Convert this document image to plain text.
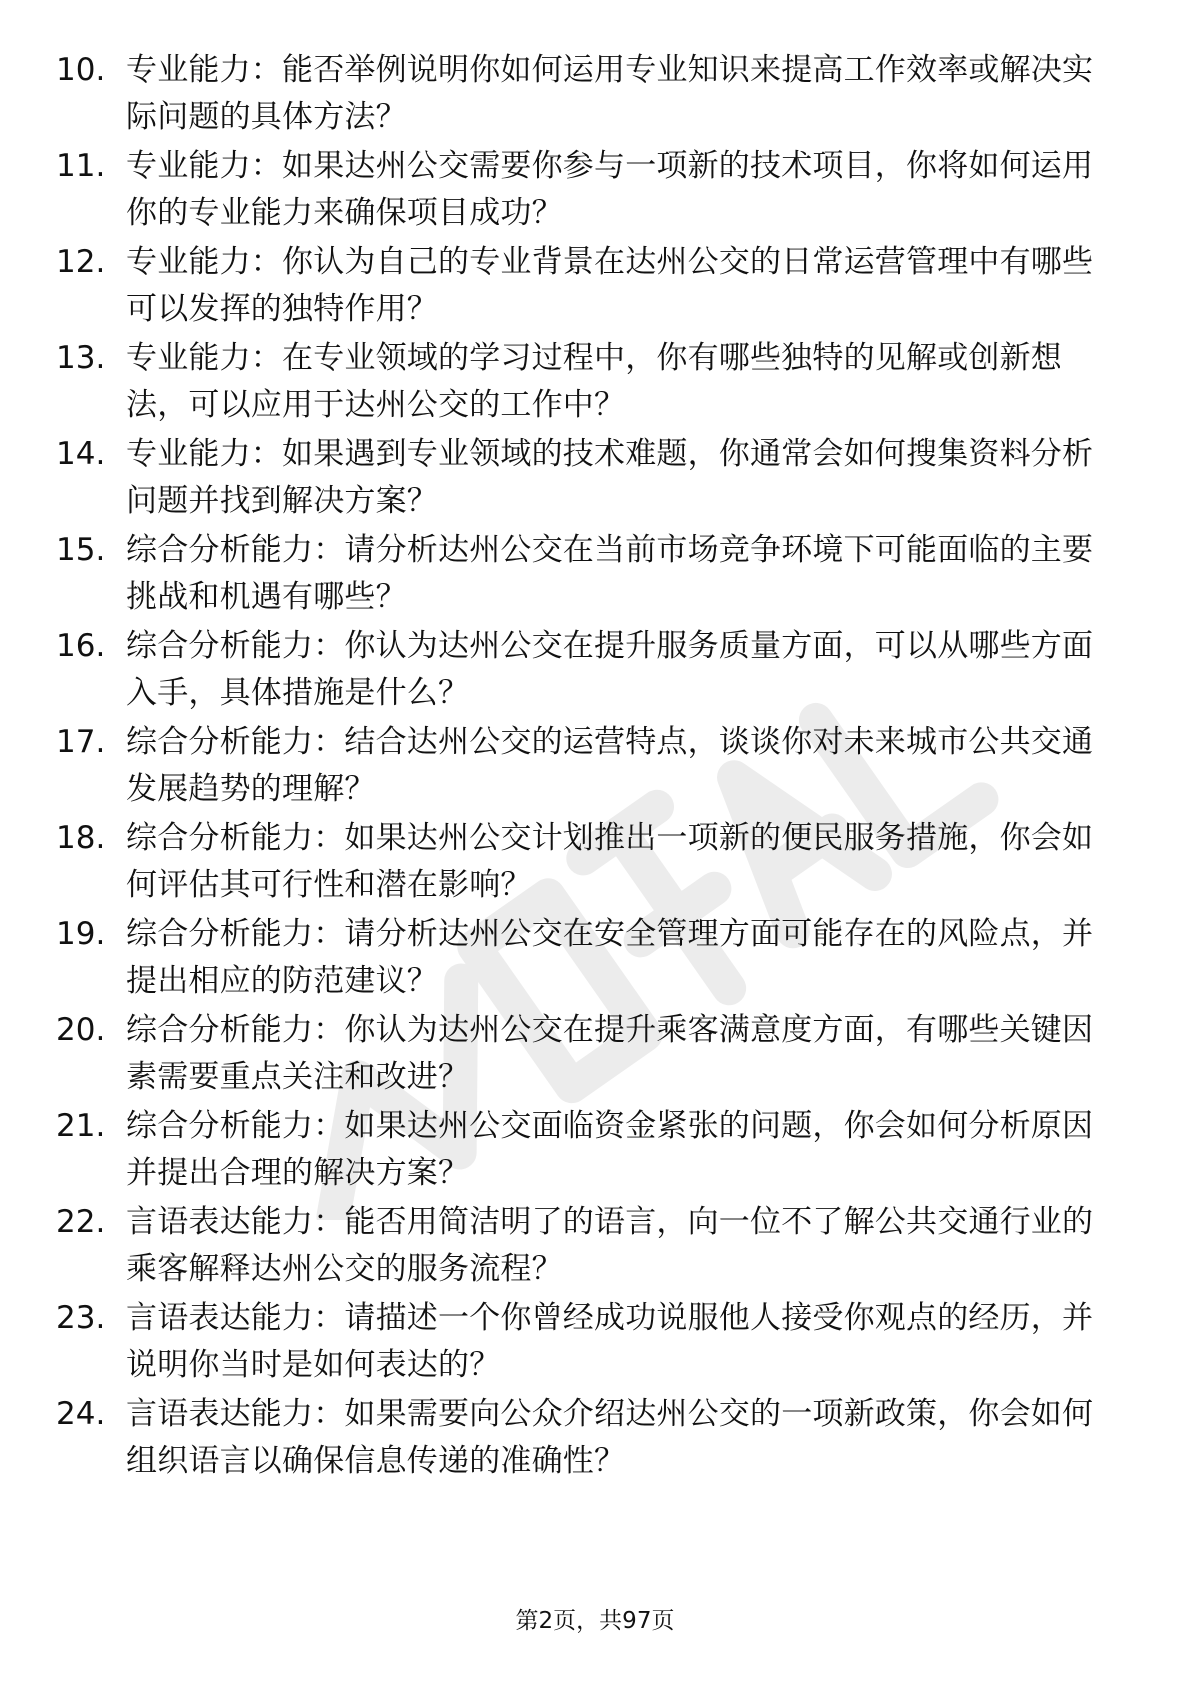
10. 专业能力：能否举例说明你如何运用专业知识来提高工作效率或解决实际问题的具体方法？
11. 专业能力：如果达州公交需要你参与一项新的技术项目，你将如何运用你的专业能力来确保项目成功？
12. 专业能力：你认为自己的专业背景在达州公交的日常运营管理中有哪些可以发挥的独特作用？
13. 专业能力：在专业领域的学习过程中，你有哪些独特的见解或创新想法，可以应用于达州公交的工作中？
14. 专业能力：如果遇到专业领域的技术难题，你通常会如何搜集资料分析问题并找到解决方案？
15. 综合分析能力：请分析达州公交在当前市场竞争环境下可能面临的主要挑战和机遇有哪些？
16. 综合分析能力：你认为达州公交在提升服务质量方面，可以从哪些方面入手，具体措施是什么？
17. 综合分析能力：结合达州公交的运营特点，谈谈你对未来城市公共交通发展趋势的理解？
18. 综合分析能力：如果达州公交计划推出一项新的便民服务措施，你会如何评估其可行性和潜在影响？
19. 综合分析能力：请分析达州公交在安全管理方面可能存在的风险点，并提出相应的防范建议？
20. 综合分析能力：你认为达州公交在提升乘客满意度方面，有哪些关键因素需要重点关注和改进？
21. 综合分析能力：如果达州公交面临资金紧张的问题，你会如何分析原因并提出合理的解决方案？
22. 言语表达能力：能否用简洁明了的语言，向一位不了解公共交通行业的乘客解释达州公交的服务流程？
23. 言语表达能力：请描述一个你曾经成功说服他人接受你观点的经历，并说明你当时是如何表达的？
24. 言语表达能力：如果需要向公众介绍达州公交的一项新政策，你会如何组织语言以确保信息传递的准确性？
第2页，共97页
